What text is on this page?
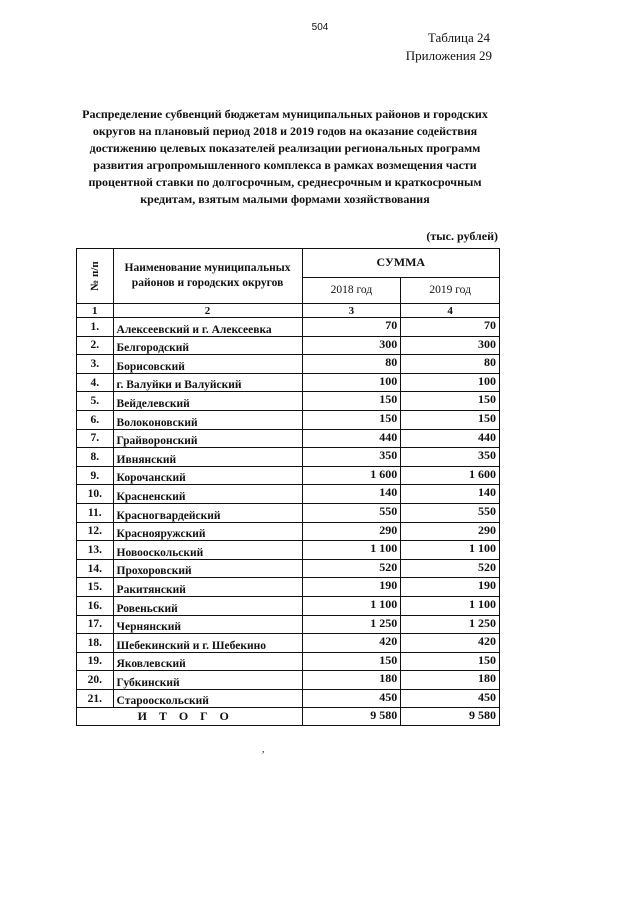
504
Таблица 24
Приложения 29
Распределение субвенций бюджетам муниципальных районов и городских округов на плановый период 2018 и 2019 годов на оказание содействия достижению целевых показателей реализации региональных программ развития агропромышленного комплекса в рамках возмещения части процентной ставки по долгосрочным, среднесрочным и краткосрочным кредитам, взятым малыми формами хозяйствования
(тыс. рублей)
№ п/п	Наименование муниципальных районов и городских округов	СУММА	
		2018 год	2019 год
1	2	3	4
1.	Алексеевский и г. Алексеевка	70	70
2.	Белгородский	300	300
3.	Борисовский	80	80
4.	г. Валуйки и Валуйский	100	100
5.	Вейделевский	150	150
6.	Волоконовский	150	150
7.	Грайворонский	440	440
8.	Ивнянский	350	350
9.	Корочанский	1 600	1 600
10.	Красненский	140	140
11.	Красногвардейский	550	550
12.	Краснояружский	290	290
13.	Новооскольский	1 100	1 100
14.	Прохоровский	520	520
15.	Ракитянский	190	190
16.	Ровеньский	1 100	1 100
17.	Чернянский	1 250	1 250
18.	Шебекинский и г. Шебекино	420	420
19.	Яковлевский	150	150
20.	Губкинский	180	180
21.	Старооскольский	450	450
ИТОГО		9 580	9 580
,
